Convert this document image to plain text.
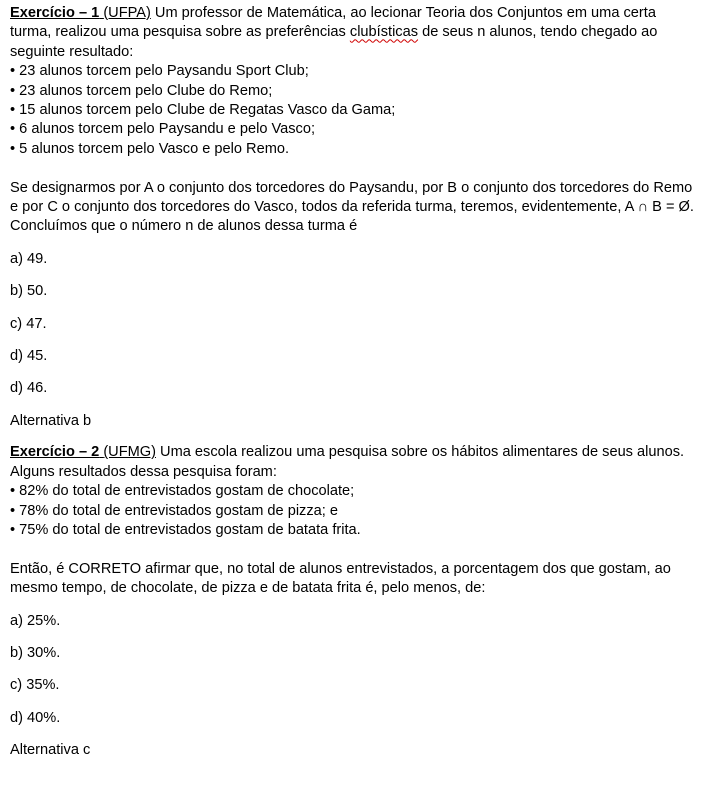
Exercício – 1 (UFPA) Um professor de Matemática, ao lecionar Teoria dos Conjuntos em uma certa turma, realizou uma pesquisa sobre as preferências clubísticas de seus n alunos, tendo chegado ao seguinte resultado:

• 23 alunos torcem pelo Paysandu Sport Club;
• 23 alunos torcem pelo Clube do Remo;
• 15 alunos torcem pelo Clube de Regatas Vasco da Gama;
• 6 alunos torcem pelo Paysandu e pelo Vasco;
• 5 alunos torcem pelo Vasco e pelo Remo.

Se designarmos por A o conjunto dos torcedores do Paysandu, por B o conjunto dos torcedores do Remo e por C o conjunto dos torcedores do Vasco, todos da referida turma, teremos, evidentemente, A ∩ B = Ø. Concluímos que o número n de alunos dessa turma é

a) 49.

b) 50.

c) 47.

d) 45.

d) 46.

Alternativa b

Exercício – 2 (UFMG) Uma escola realizou uma pesquisa sobre os hábitos alimentares de seus alunos. Alguns resultados dessa pesquisa foram:

• 82% do total de entrevistados gostam de chocolate;
• 78% do total de entrevistados gostam de pizza; e
• 75% do total de entrevistados gostam de batata frita.

Então, é CORRETO afirmar que, no total de alunos entrevistados, a porcentagem dos que gostam, ao mesmo tempo, de chocolate, de pizza e de batata frita é, pelo menos, de:

a) 25%.

b) 30%.

c) 35%.

d) 40%.

Alternativa c
